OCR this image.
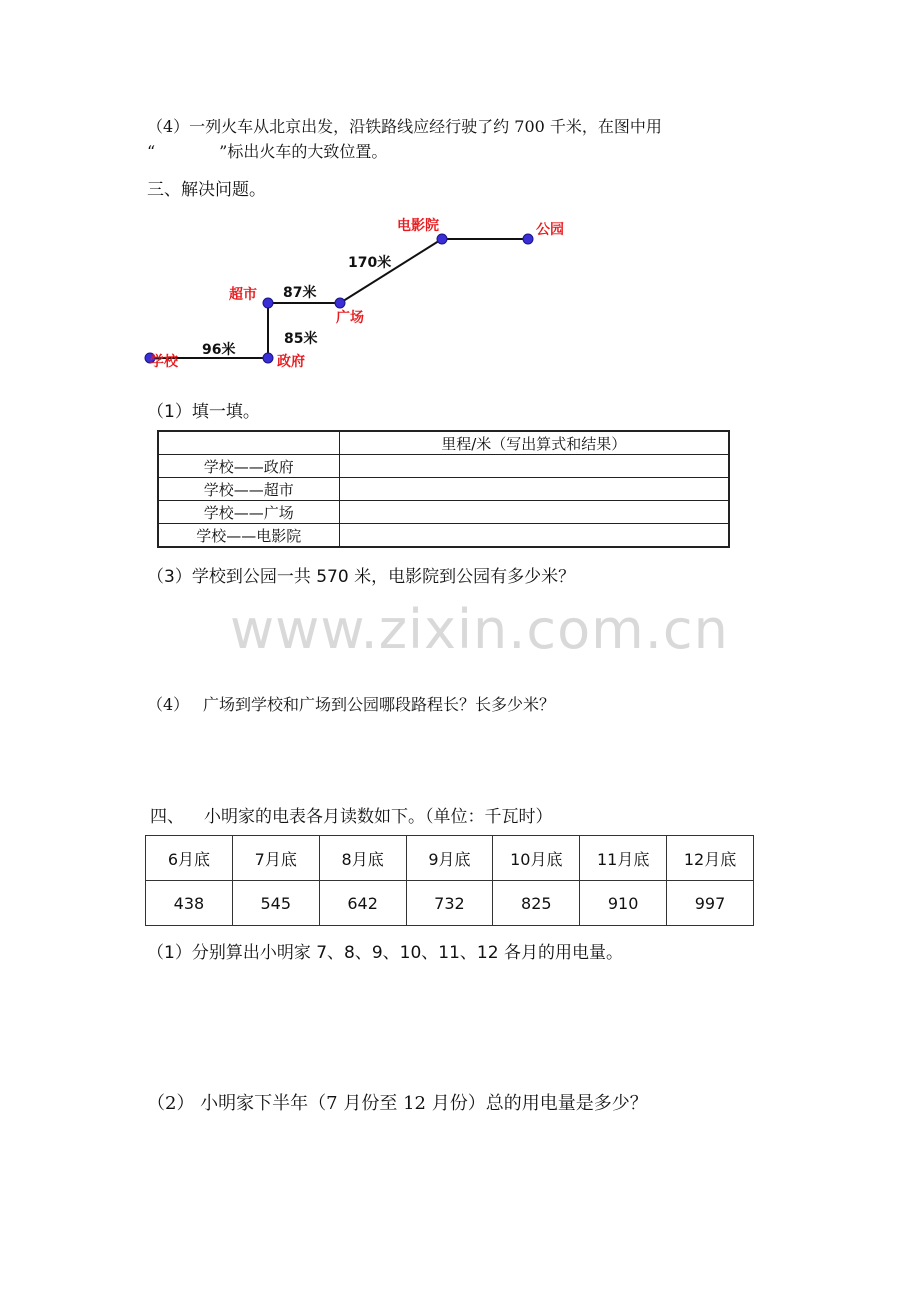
（4）一列火车从北京出发，沿铁路线应经行驶了约 700 千米，在图中用
“　　　　”标出火车的大致位置。
三、解决问题。
学校	政府
超市
广场
电影院	公园
96米
85米
87米
170米
（1）填一填。
	里程/米（写出算式和结果）
学校——政府	
学校——超市	
学校——广场	
学校——电影院	
（3）学校到公园一共 570 米，电影院到公园有多少米？
www.zixin.com.cn
（4） 广场到学校和广场到公园哪段路程长？长多少米？
四、 小明家的电表各月读数如下。（单位：千瓦时）
6月底	7月底	8月底	9月底	10月底	11月底	12月底
438	545	642	732	825	910	997
（1）分别算出小明家 7、8、9、10、11、12 各月的用电量。
（2） 小明家下半年（7 月份至 12 月份）总的用电量是多少？
